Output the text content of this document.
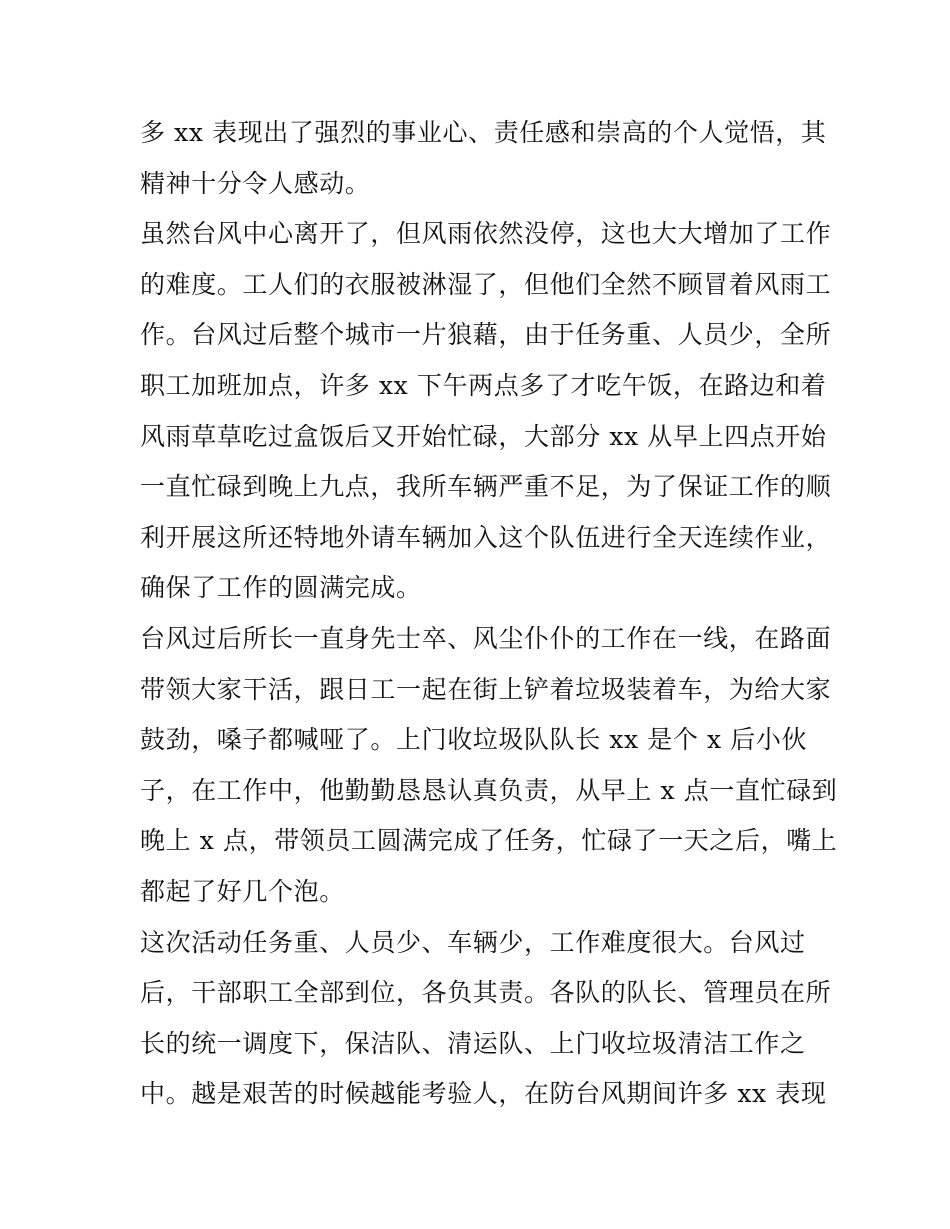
多 xx 表现出了强烈的事业心、责任感和崇高的个人觉悟，其
精神十分令人感动。
虽然台风中心离开了，但风雨依然没停，这也大大增加了工作
的难度。工人们的衣服被淋湿了，但他们全然不顾冒着风雨工
作。台风过后整个城市一片狼藉，由于任务重、人员少，全所
职工加班加点，许多 xx 下午两点多了才吃午饭，在路边和着
风雨草草吃过盒饭后又开始忙碌，大部分 xx 从早上四点开始
一直忙碌到晚上九点，我所车辆严重不足，为了保证工作的顺
利开展这所还特地外请车辆加入这个队伍进行全天连续作业，
确保了工作的圆满完成。
台风过后所长一直身先士卒、风尘仆仆的工作在一线，在路面
带领大家干活，跟日工一起在街上铲着垃圾装着车，为给大家
鼓劲，嗓子都喊哑了。上门收垃圾队队长 xx 是个 x 后小伙
子，在工作中，他勤勤恳恳认真负责，从早上 x 点一直忙碌到
晚上 x 点，带领员工圆满完成了任务，忙碌了一天之后，嘴上
都起了好几个泡。
这次活动任务重、人员少、车辆少，工作难度很大。台风过
后，干部职工全部到位，各负其责。各队的队长、管理员在所
长的统一调度下，保洁队、清运队、上门收垃圾清洁工作之
中。越是艰苦的时候越能考验人，在防台风期间许多 xx 表现
